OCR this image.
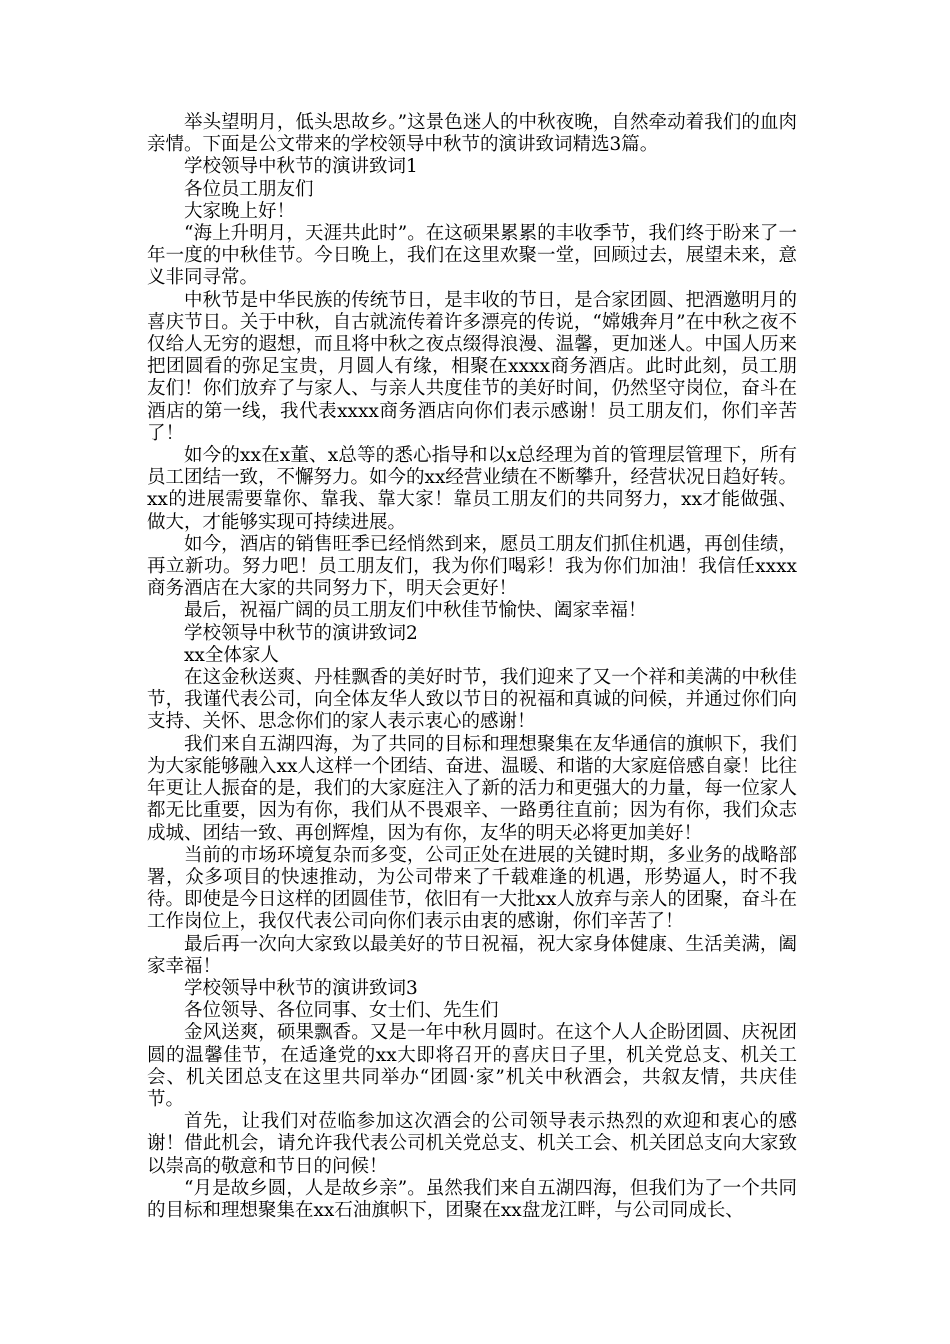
举头望明月，低头思故乡。”这景色迷人的中秋夜晚，自然牵动着我们的血肉亲情。下面是公文带来的学校领导中秋节的演讲致词精选3篇。

学校领导中秋节的演讲致词1

各位员工朋友们

大家晚上好！

“海上升明月，天涯共此时”。在这硕果累累的丰收季节，我们终于盼来了一年一度的中秋佳节。今日晚上，我们在这里欢聚一堂，回顾过去，展望未来，意义非同寻常。

中秋节是中华民族的传统节日，是丰收的节日，是合家团圆、把酒邀明月的喜庆节日。关于中秋，自古就流传着许多漂亮的传说，“嫦娥奔月”在中秋之夜不仅给人无穷的遐想，而且将中秋之夜点缀得浪漫、温馨，更加迷人。中国人历来把团圆看的弥足宝贵，月圆人有缘，相聚在xxxx商务酒店。此时此刻，员工朋友们！你们放弃了与家人、与亲人共度佳节的美好时间，仍然坚守岗位，奋斗在酒店的第一线，我代表xxxx商务酒店向你们表示感谢！员工朋友们，你们辛苦了！

如今的xx在x董、x总等的悉心指导和以x总经理为首的管理层管理下，所有员工团结一致，不懈努力。如今的xx经营业绩在不断攀升，经营状况日趋好转。xx的进展需要靠你、靠我、靠大家！靠员工朋友们的共同努力，xx才能做强、做大，才能够实现可持续进展。

如今，酒店的销售旺季已经悄然到来，愿员工朋友们抓住机遇，再创佳绩，再立新功。努力吧！员工朋友们，我为你们喝彩！我为你们加油！我信任xxxx商务酒店在大家的共同努力下，明天会更好！

最后，祝福广阔的员工朋友们中秋佳节愉快、阖家幸福！

学校领导中秋节的演讲致词2

xx全体家人

在这金秋送爽、丹桂飘香的美好时节，我们迎来了又一个祥和美满的中秋佳节，我谨代表公司，向全体友华人致以节日的祝福和真诚的问候，并通过你们向支持、关怀、思念你们的家人表示衷心的感谢！

我们来自五湖四海，为了共同的目标和理想聚集在友华通信的旗帜下，我们为大家能够融入xx人这样一个团结、奋进、温暖、和谐的大家庭倍感自豪！比往年更让人振奋的是，我们的大家庭注入了新的活力和更强大的力量，每一位家人都无比重要，因为有你，我们从不畏艰辛、一路勇往直前；因为有你，我们众志成城、团结一致、再创辉煌，因为有你，友华的明天必将更加美好！

当前的市场环境复杂而多变，公司正处在进展的关键时期，多业务的战略部署，众多项目的快速推动，为公司带来了千载难逢的机遇，形势逼人，时不我待。即使是今日这样的团圆佳节，依旧有一大批xx人放弃与亲人的团聚，奋斗在工作岗位上，我仅代表公司向你们表示由衷的感谢，你们辛苦了！

最后再一次向大家致以最美好的节日祝福，祝大家身体健康、生活美满，阖家幸福！

学校领导中秋节的演讲致词3

各位领导、各位同事、女士们、先生们

金风送爽，硕果飘香。又是一年中秋月圆时。在这个人人企盼团圆、庆祝团圆的温馨佳节，在适逢党的xx大即将召开的喜庆日子里，机关党总支、机关工会、机关团总支在这里共同举办“团圆·家”机关中秋酒会，共叙友情，共庆佳节。

首先，让我们对莅临参加这次酒会的公司领导表示热烈的欢迎和衷心的感谢！借此机会，请允许我代表公司机关党总支、机关工会、机关团总支向大家致以崇高的敬意和节日的问候！

“月是故乡圆，人是故乡亲”。虽然我们来自五湖四海，但我们为了一个共同的目标和理想聚集在xx石油旗帜下，团聚在xx盘龙江畔，与公司同成长、
